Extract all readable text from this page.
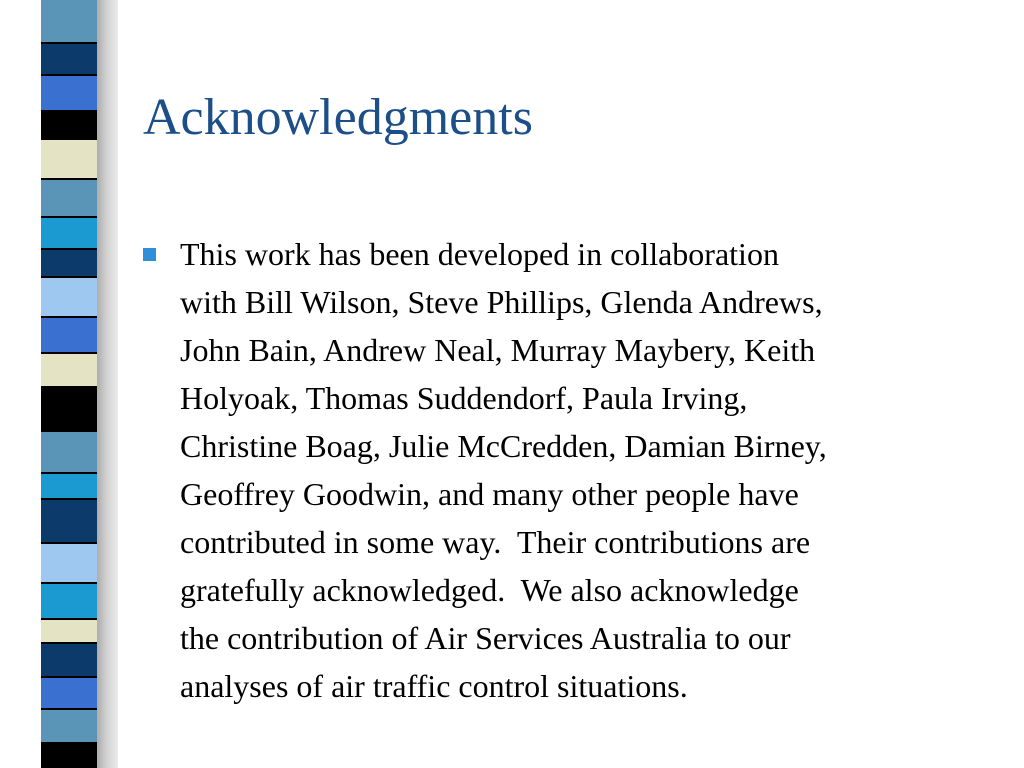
Acknowledgments

This work has been developed in collaboration
with Bill Wilson, Steve Phillips, Glenda Andrews,
John Bain, Andrew Neal, Murray Maybery, Keith
Holyoak, Thomas Suddendorf, Paula Irving,
Christine Boag, Julie McCredden, Damian Birney,
Geoffrey Goodwin, and many other people have
contributed in some way.  Their contributions are
gratefully acknowledged.  We also acknowledge
the contribution of Air Services Australia to our
analyses of air traffic control situations.
